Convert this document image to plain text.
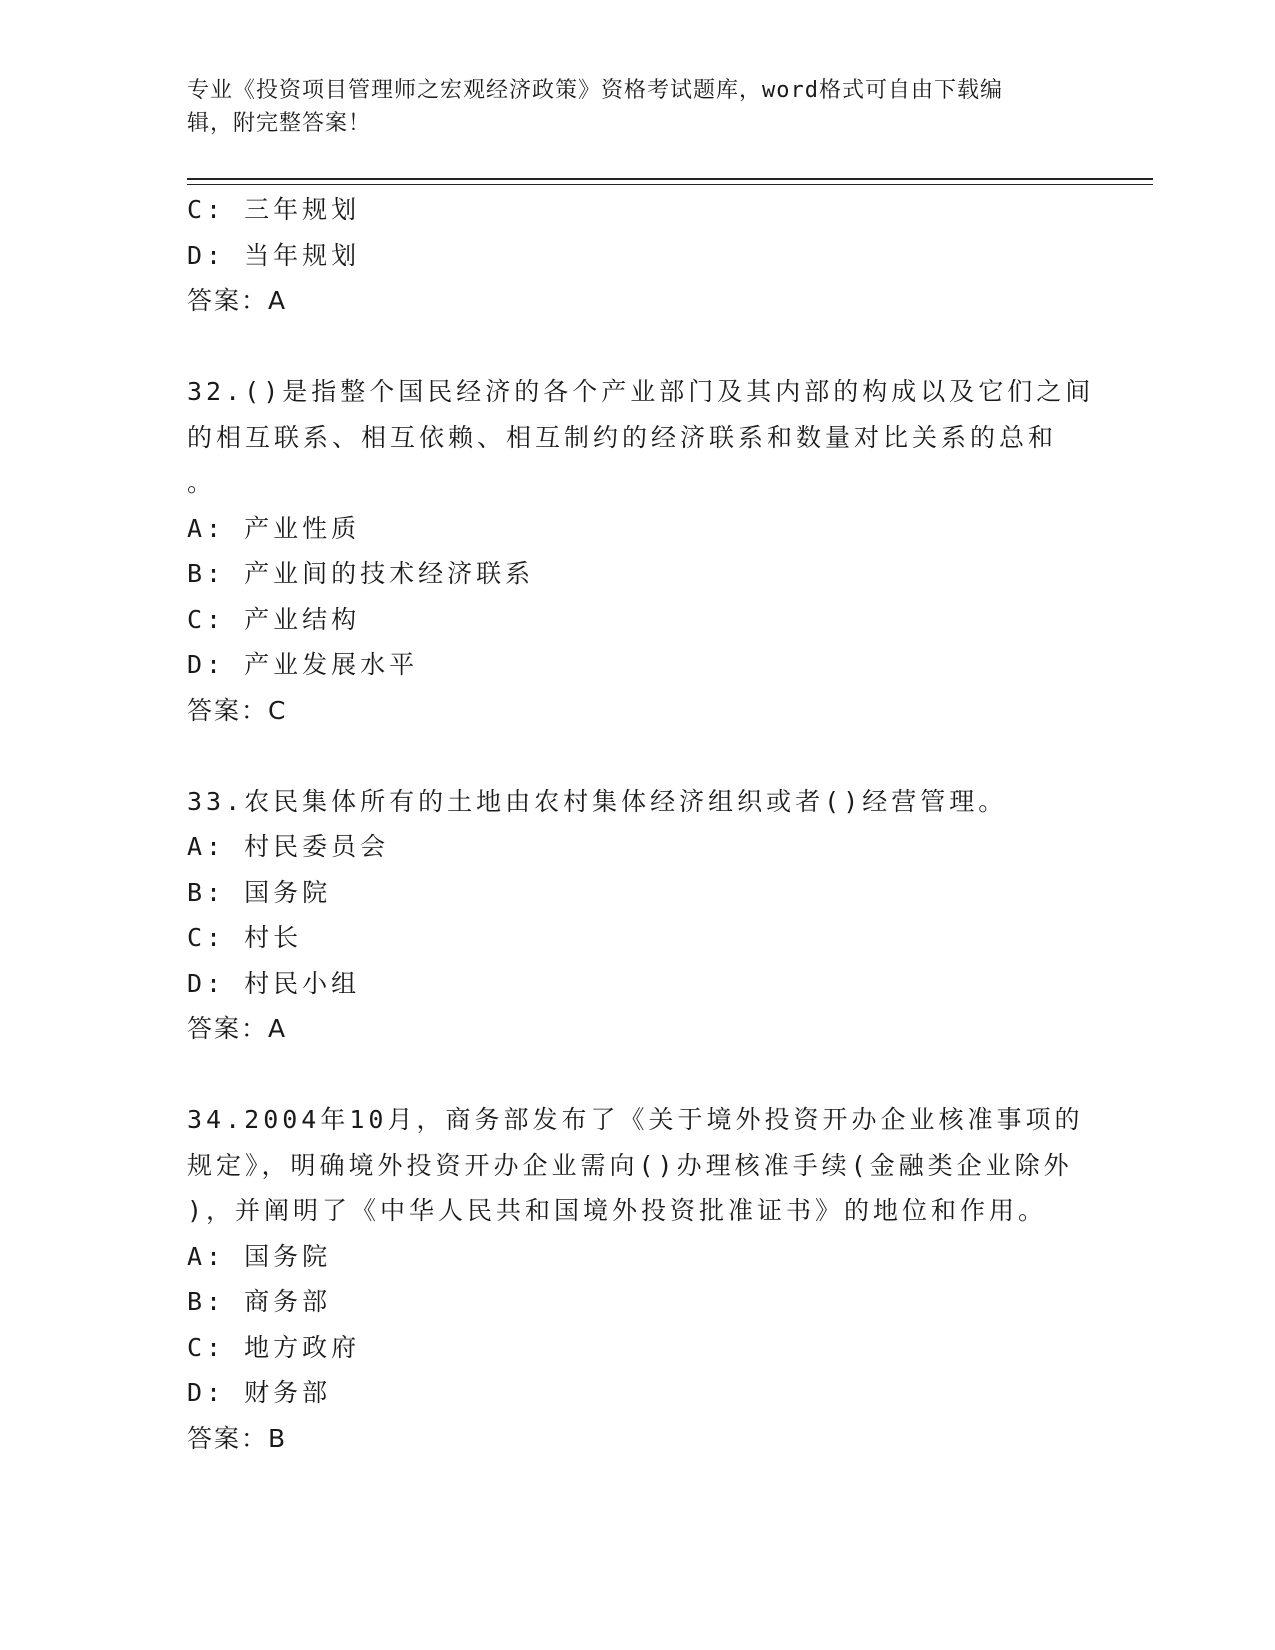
专业《投资项目管理师之宏观经济政策》资格考试题库，word格式可自由下载编
辑，附完整答案！
C: 三年规划
D: 当年规划
答案：A
32.()是指整个国民经济的各个产业部门及其内部的构成以及它们之间
的相互联系、相互依赖、相互制约的经济联系和数量对比关系的总和
。
A: 产业性质
B: 产业间的技术经济联系
C: 产业结构
D: 产业发展水平
答案：C
33.农民集体所有的土地由农村集体经济组织或者()经营管理。
A: 村民委员会
B: 国务院
C: 村长
D: 村民小组
答案：A
34.2004年10月，商务部发布了《关于境外投资开办企业核准事项的
规定》，明确境外投资开办企业需向()办理核准手续(金融类企业除外
)，并阐明了《中华人民共和国境外投资批准证书》的地位和作用。
A: 国务院
B: 商务部
C: 地方政府
D: 财务部
答案：B
